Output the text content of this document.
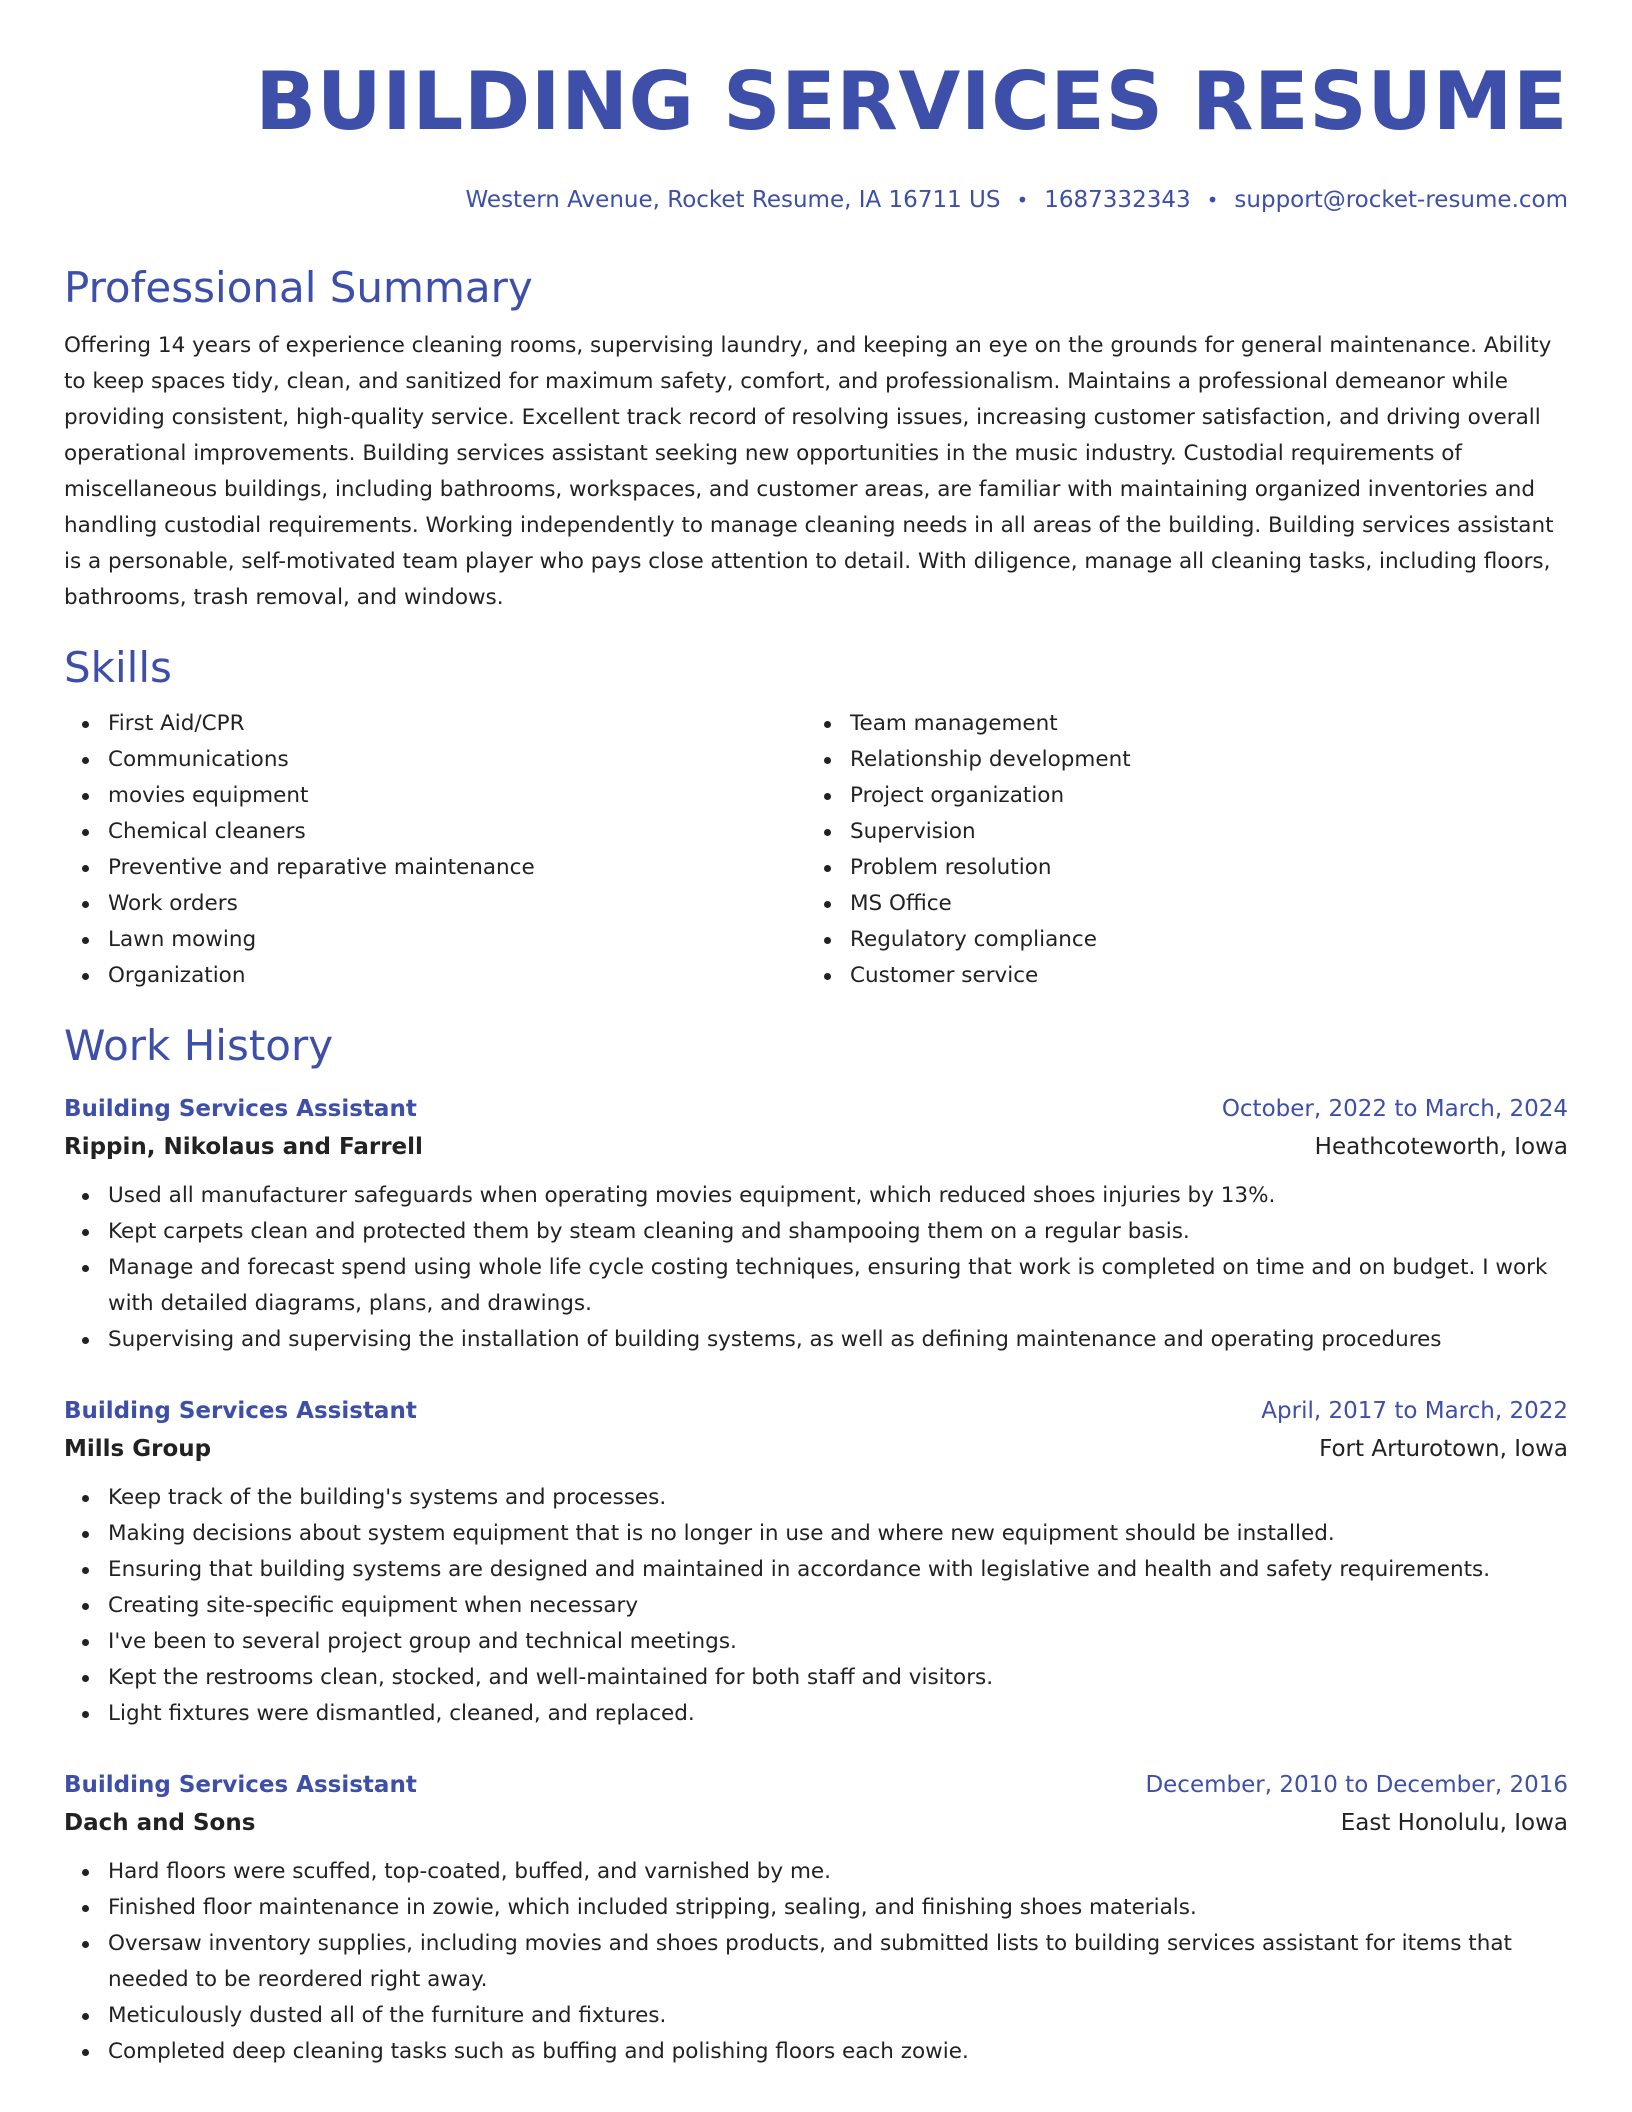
BUILDING SERVICES RESUME
Western Avenue, Rocket Resume, IA 16711 US • 1687332343 • support@rocket-resume.com
Professional Summary

Offering 14 years of experience cleaning rooms, supervising laundry, and keeping an eye on the grounds for general maintenance. Ability to keep spaces tidy, clean, and sanitized for maximum safety, comfort, and professionalism. Maintains a professional demeanor while providing consistent, high-quality service. Excellent track record of resolving issues, increasing customer satisfaction, and driving overall operational improvements. Building services assistant seeking new opportunities in the music industry. Custodial requirements of miscellaneous buildings, including bathrooms, workspaces, and customer areas, are familiar with maintaining organized inventories and handling custodial requirements. Working independently to manage cleaning needs in all areas of the building. Building services assistant is a personable, self-motivated team player who pays close attention to detail. With diligence, manage all cleaning tasks, including floors, bathrooms, trash removal, and windows.

Skills
First Aid/CPR
Communications
movies equipment
Chemical cleaners
Preventive and reparative maintenance
Work orders
Lawn mowing
Organization
Team management
Relationship development
Project organization
Supervision
Problem resolution
MS Office
Regulatory compliance
Customer service
Work History
Building Services Assistant	October, 2022 to March, 2024
Rippin, Nikolaus and Farrell	Heathcoteworth, Iowa
Used all manufacturer safeguards when operating movies equipment, which reduced shoes injuries by 13%.
Kept carpets clean and protected them by steam cleaning and shampooing them on a regular basis.
Manage and forecast spend using whole life cycle costing techniques, ensuring that work is completed on time and on budget. I work with detailed diagrams, plans, and drawings.
Supervising and supervising the installation of building systems, as well as defining maintenance and operating procedures
Building Services Assistant	April, 2017 to March, 2022
Mills Group	Fort Arturotown, Iowa
Keep track of the building's systems and processes.
Making decisions about system equipment that is no longer in use and where new equipment should be installed.
Ensuring that building systems are designed and maintained in accordance with legislative and health and safety requirements.
Creating site-specific equipment when necessary
I've been to several project group and technical meetings.
Kept the restrooms clean, stocked, and well-maintained for both staff and visitors.
Light fixtures were dismantled, cleaned, and replaced.
Building Services Assistant	December, 2010 to December, 2016
Dach and Sons	East Honolulu, Iowa
Hard floors were scuffed, top-coated, buffed, and varnished by me.
Finished floor maintenance in zowie, which included stripping, sealing, and finishing shoes materials.
Oversaw inventory supplies, including movies and shoes products, and submitted lists to building services assistant for items that needed to be reordered right away.
Meticulously dusted all of the furniture and fixtures.
Completed deep cleaning tasks such as buffing and polishing floors each zowie.
